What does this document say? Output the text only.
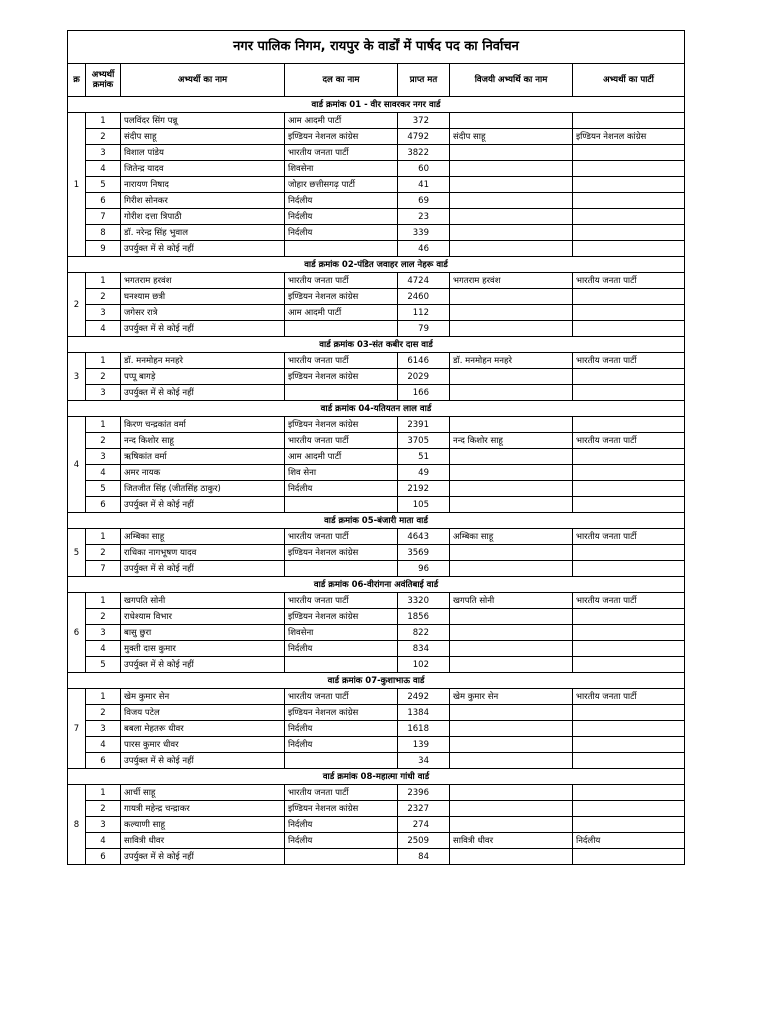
नगर पालिक निगम, रायपुर के वार्डों में पार्षद पद का निर्वाचन						
क्र	अभ्यर्थी क्रमांक	अभ्यर्थी का नाम	दल का नाम	प्राप्त मत	विजयी अभ्यर्थि का नाम	अभ्यर्थी का पार्टी
वार्ड क्रमांक 01 - वीर सावरकर नगर वार्ड						
1	1	पलविंदर सिंग पन्नू	आम आदमी पार्टी	372		
	2	संदीप साहू	इण्डियन नेशनल कांग्रेस	4792	संदीप साहू	इण्डियन नेशनल कांग्रेस
	3	विशाल पांडेय	भारतीय जनता पार्टी	3822		
	4	जितेन्द्र यादव	शिवसेना	60		
	5	नारायण निषाद	जोहार छत्तीसगढ़ पार्टी	41		
	6	गिरीश सोनकर	निर्दलीय	69		
	7	गोरीश दत्ता त्रिपाठी	निर्दलीय	23		
	8	डॉ. नरेन्द्र सिंह भुवाल	निर्दलीय	339		
	9	उपर्युक्त में से कोई नहीं		46		
वार्ड क्रमांक 02-पंडित जवाहर लाल नेहरू वार्ड						
2	1	भगतराम हरवंश	भारतीय जनता पार्टी	4724	भगतराम हरवंश	भारतीय जनता पार्टी
	2	घनश्याम छत्री	इण्डियन नेशनल कांग्रेस	2460		
	3	जगेसर रात्रे	आम आदमी पार्टी	112		
	4	उपर्युक्त में से कोई नहीं		79		
वार्ड क्रमांक 03-संत कबीर दास वार्ड						
3	1	डॉ. मनमोहन मनहरे	भारतीय जनता पार्टी	6146	डॉ. मनमोहन मनहरे	भारतीय जनता पार्टी
	2	पप्पू बागड़े	इण्डियन नेशनल कांग्रेस	2029		
	3	उपर्युक्त में से कोई नहीं		166		
वार्ड क्रमांक 04-यतियतन लाल वार्ड						
4	1	किरण चन्द्रकांत वर्मा	इण्डियन नेशनल कांग्रेस	2391		
	2	नन्द किशोर साहू	भारतीय जनता पार्टी	3705	नन्द किशोर साहू	भारतीय जनता पार्टी
	3	ऋषिकांत वर्मा	आम आदमी पार्टी	51		
	4	अमर नायक	शिव सेना	49		
	5	जितजीत सिंह (जीतसिंह ठाकुर)	निर्दलीय	2192		
	6	उपर्युक्त में से कोई नहीं		105		
वार्ड क्रमांक 05-बंजारी माता वार्ड						
5	1	अम्बिका साहू	भारतीय जनता पार्टी	4643	अम्बिका साहू	भारतीय जनता पार्टी
	2	राधिका नागभूषण यादव	इण्डियन नेशनल कांग्रेस	3569		
	7	उपर्युक्त में से कोई नहीं		96		
वार्ड क्रमांक 06-वीरांगना अवंतिबाई वार्ड						
6	1	खगपति सोनी	भारतीय जनता पार्टी	3320	खगपति सोनी	भारतीय जनता पार्टी
	2	राधेश्याम विभार	इण्डियन नेशनल कांग्रेस	1856		
	3	बासु छुरा	शिवसेना	822		
	4	मुक्ती दास कुमार	निर्दलीय	834		
	5	उपर्युक्त में से कोई नहीं		102		
वार्ड क्रमांक 07-कुशाभाऊ वार्ड						
7	1	खेम कुमार सेन	भारतीय जनता पार्टी	2492	खेम कुमार सेन	भारतीय जनता पार्टी
	2	विजय पटेल	इण्डियन नेशनल कांग्रेस	1384		
	3	बबला मेहतरू धीवर	निर्दलीय	1618		
	4	पारस कुमार धीवर	निर्दलीय	139		
	6	उपर्युक्त में से कोई नहीं		34		
वार्ड क्रमांक 08-महात्मा गांधी वार्ड						
8	1	आर्ची साहू	भारतीय जनता पार्टी	2396		
	2	गायत्री महेन्द्र चन्द्राकर	इण्डियन नेशनल कांग्रेस	2327		
	3	कल्याणी साहू	निर्दलीय	274		
	4	सावित्री धीवर	निर्दलीय	2509	सावित्री धीवर	निर्दलीय
	6	उपर्युक्त में से कोई नहीं		84		
